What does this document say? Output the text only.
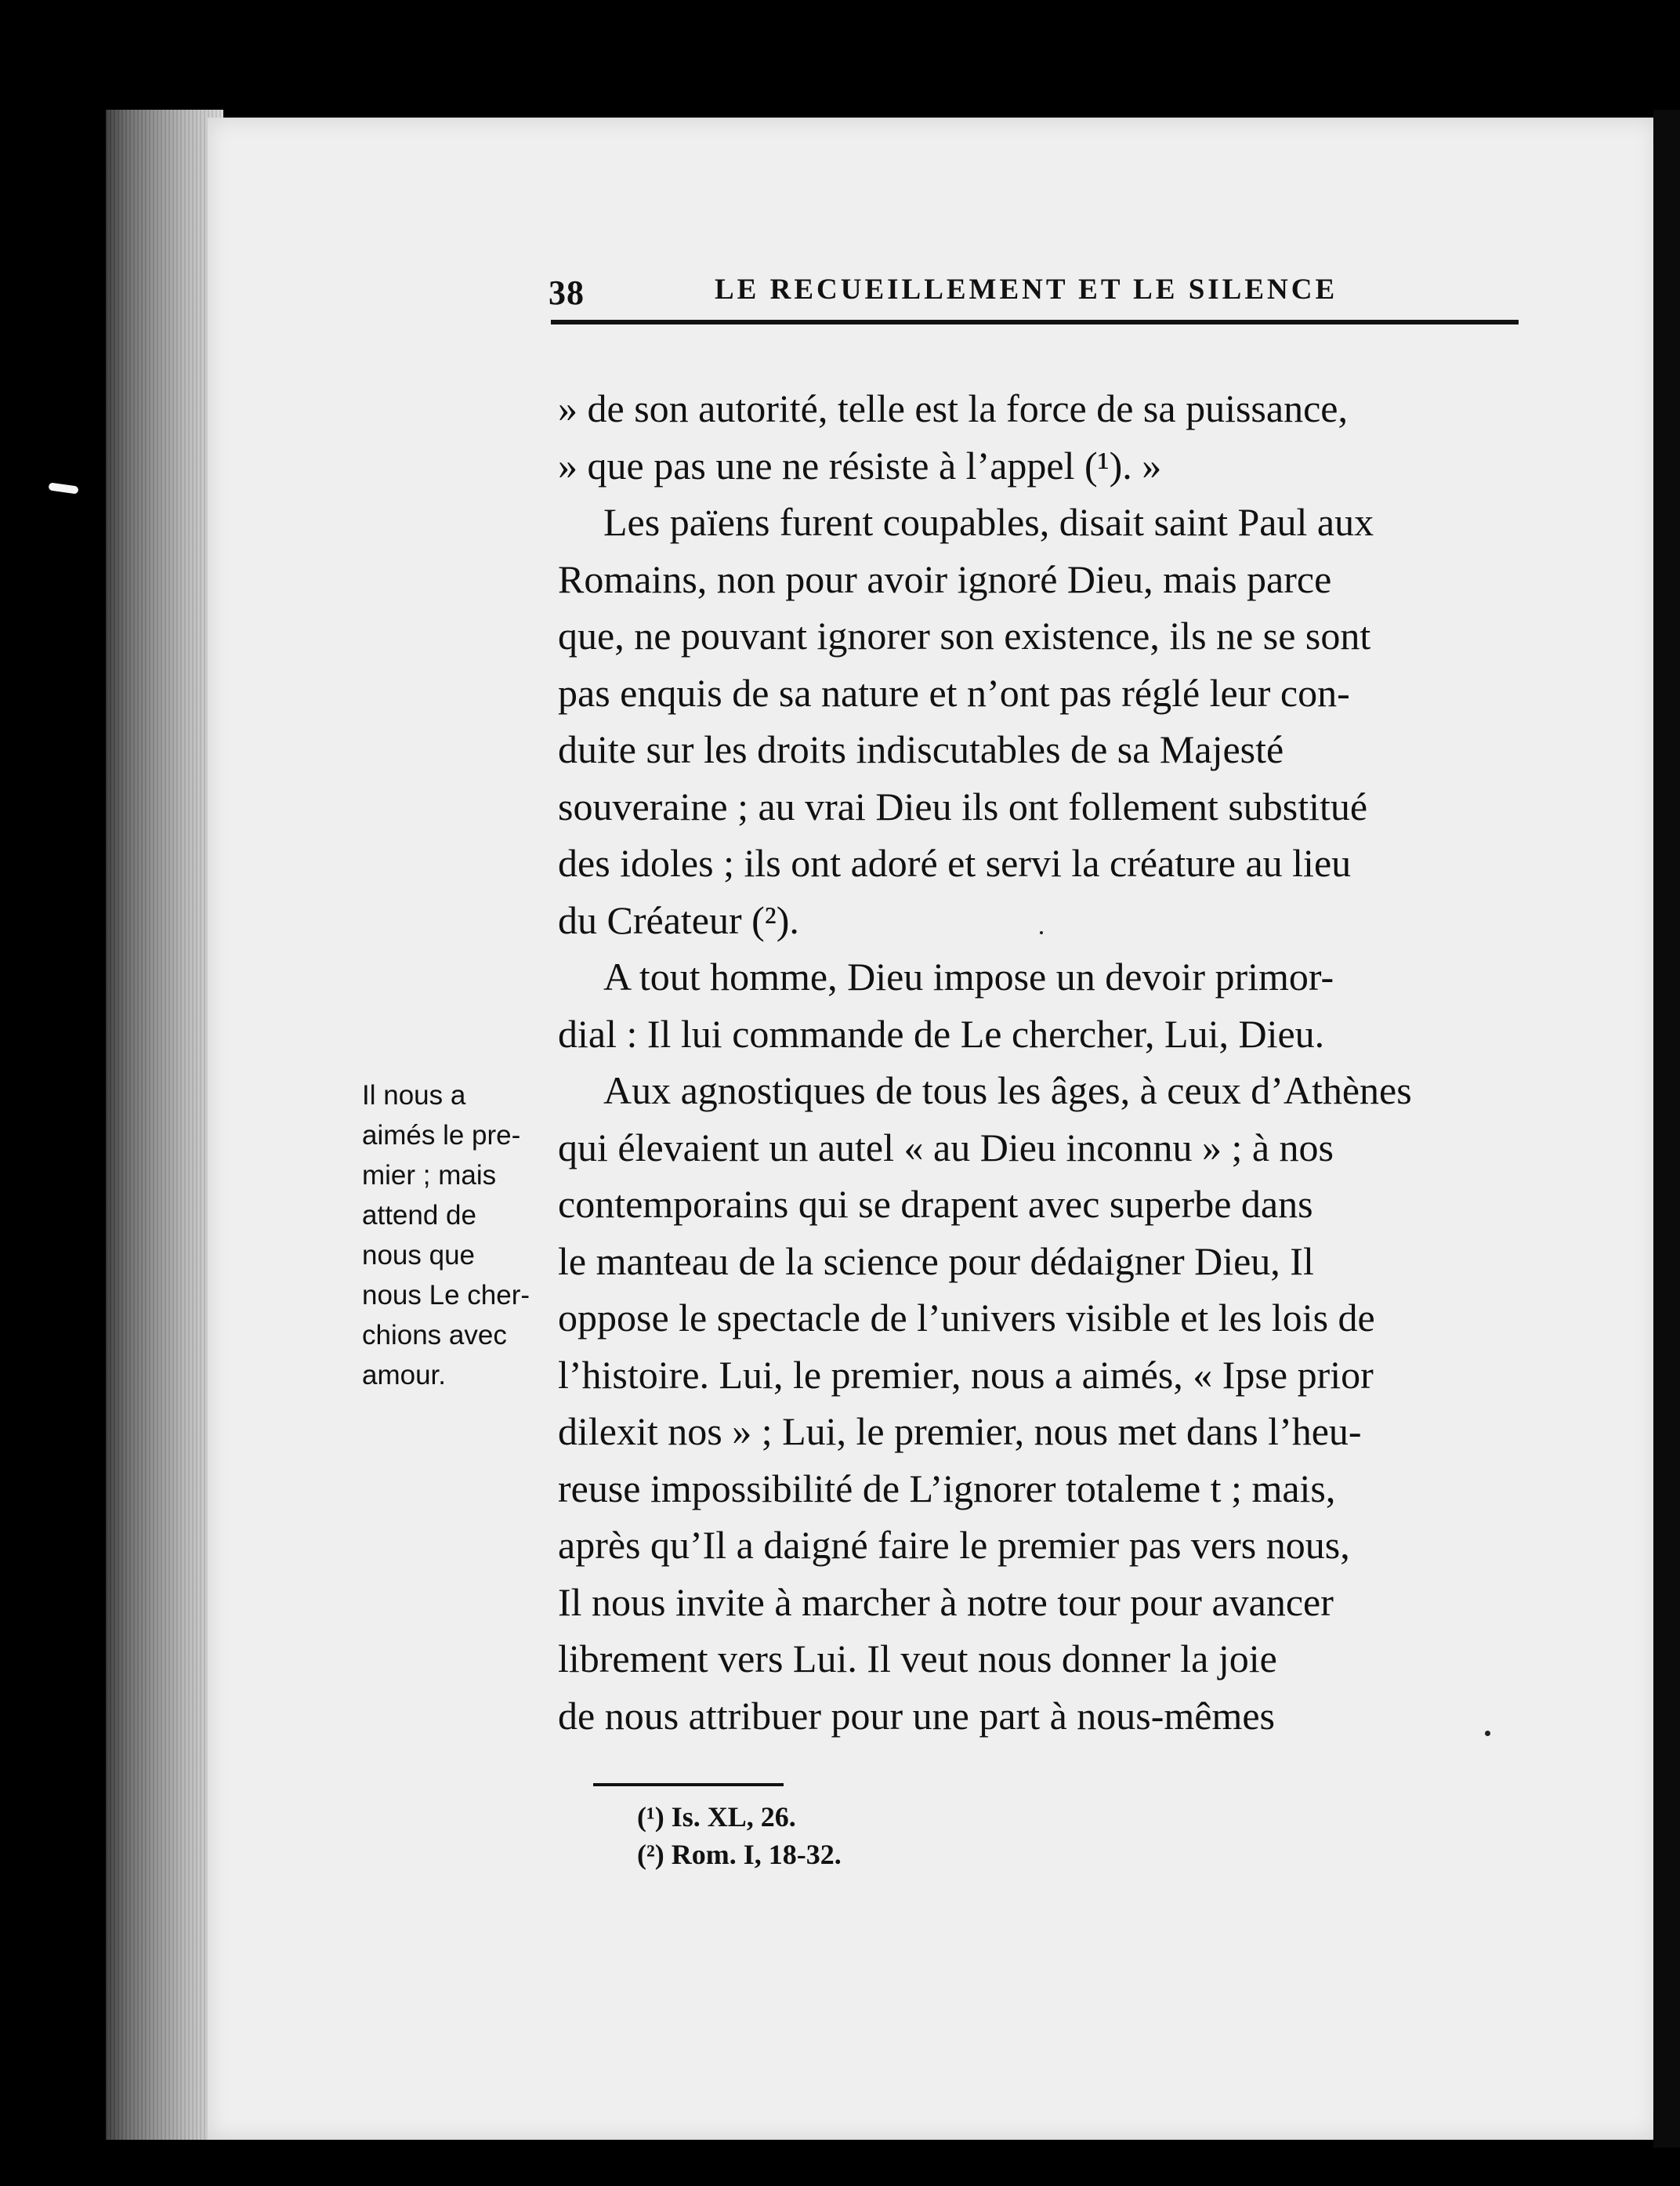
38	LE RECUEILLEMENT ET LE SILENCE
» de son autorité, telle est la force de sa puissance,
» que pas une ne résiste à l’appel (¹). »
Les païens furent coupables, disait saint Paul aux
Romains, non pour avoir ignoré Dieu, mais parce
que, ne pouvant ignorer son existence, ils ne se sont
pas enquis de sa nature et n’ont pas réglé leur con-
duite sur les droits indiscutables de sa Majesté
souveraine ; au vrai Dieu ils ont follement substitué
des idoles ; ils ont adoré et servi la créature au lieu
du Créateur (²).
A tout homme, Dieu impose un devoir primor-
dial : Il lui commande de Le chercher, Lui, Dieu.
Aux agnostiques de tous les âges, à ceux d’Athènes
qui élevaient un autel « au Dieu inconnu » ; à nos
contemporains qui se drapent avec superbe dans
le manteau de la science pour dédaigner Dieu, Il
oppose le spectacle de l’univers visible et les lois de
l’histoire. Lui, le premier, nous a aimés, « Ipse prior
dilexit nos » ; Lui, le premier, nous met dans l’heu-
reuse impossibilité de L’ignorer totaleme t ; mais,
après qu’Il a daigné faire le premier pas vers nous,
Il nous invite à marcher à notre tour pour avancer
librement vers Lui. Il veut nous donner la joie
de nous attribuer pour une part à nous-mêmes
Il nous a
aimés le pre-
mier ; mais
attend de
nous que
nous Le cher-
chions avec
amour.
(¹) Is. XL, 26.
(²) Rom. I, 18-32.
